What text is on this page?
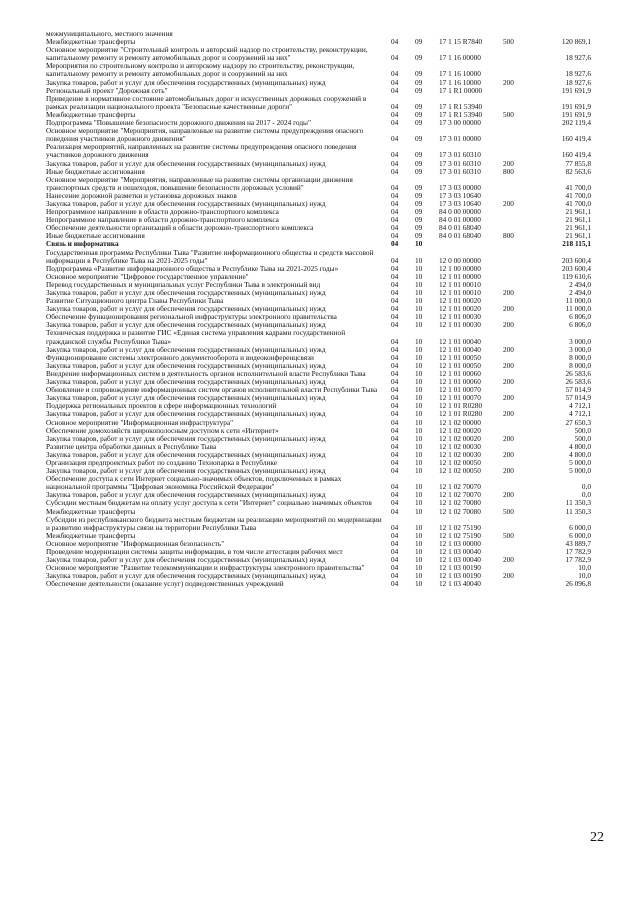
межмуниципального, местного значения					
Межбюджетные трансферты	04	09	17 1 15 R7840	500	120 869,1
Основное мероприятие "Строительный контроль и авторский надзор по строительству, реконструкции, капитальному ремонту и ремонту автомобильных дорог и сооружений на них"	04	09	17 1 16 00000		18 927,6
Мероприятия по строительному контролю и авторскому надзору по строительству, реконструкции, капитальному ремонту и ремонту автомобильных дорог и сооружений на них	04	09	17 1 16 10000		18 927,6
Закупка товаров, работ и услуг для обеспечения государственных (муниципальных) нужд	04	09	17 1 16 10000	200	18 927,6
Региональный проект "Дорожная сеть"	04	09	17 1 R1 00000		191 691,9
Приведение в нормативное состояние автомобильных дорог и искусственных дорожных сооружений в рамках реализации национального проекта "Безопасные качественные дороги"	04	09	17 1 R1 53940		191 691,9
Межбюджетные трансферты	04	09	17 1 R1 53940	500	191 691,9
Подпрограмма "Повышение безопасности дорожного движения на 2017 - 2024 годы"	04	09	17 3 00 00000		202 119,4
Основное мероприятие "Мероприятия, направленные на развитие системы предупреждения опасного поведения участников дорожного движения"	04	09	17 3 01 00000		160 419,4
Реализация мероприятий, направленных на развитие системы предупреждения опасного поведения участников дорожного движения	04	09	17 3 01 60310		160 419,4
Закупка товаров, работ и услуг для обеспечения государственных (муниципальных) нужд	04	09	17 3 01 60310	200	77 855,8
Иные бюджетные ассигнования	04	09	17 3 01 60310	800	82 563,6
Основное мероприятие "Мероприятия, направленные на развитие системы организации движения транспортных средств и пешеходов, повышение безопасности дорожных условий"	04	09	17 3 03 00000		41 700,0
Нанесение дорожной разметки и установка дорожных знаков	04	09	17 3 03 10640		41 700,0
Закупка товаров, работ и услуг для обеспечения государственных (муниципальных) нужд	04	09	17 3 03 10640	200	41 700,0
Непрограммное направление в области дорожно-транспортного комплекса	04	09	84 0 00 00000		21 961,1
Непрограммное направление в области дорожно-транспортного комплекса	04	09	84 0 01 00000		21 961,1
Обеспечение деятельности организаций в области дорожно-транспортного комплекса	04	09	84 0 01 68040		21 961,1
Иные бюджетные ассигнования	04	09	84 0 01 68040	800	21 961,1
Связь и информатика	04	10			218 115,1
Государственная программа Республики Тыва "Развитие информационного общества и средств массовой информации в Республике Тыва на 2021-2025 годы"	04	10	12 0 00 00000		203 600,4
Подпрограмма «Развитие информационного общества в Республике Тыва на 2021-2025 годы»	04	10	12 1 00 00000		203 600,4
Основное мероприятие "Цифровое государственное управление"	04	10	12 1 01 00000		119 610,6
Перевод государственных и муниципальных услуг Республики Тыва в электронный вид	04	10	12 1 01 00010		2 494,0
Закупка товаров, работ и услуг для обеспечения государственных (муниципальных) нужд	04	10	12 1 01 00010	200	2 494,0
Развитие Ситуационного центра Главы Республики Тыва	04	10	12 1 01 00020		11 000,0
Закупка товаров, работ и услуг для обеспечения государственных (муниципальных) нужд	04	10	12 1 01 00020	200	11 000,0
Обеспечение функционирования региональной инфраструктуры электронного правительства	04	10	12 1 01 00030		6 806,0
Закупка товаров, работ и услуг для обеспечения государственных (муниципальных) нужд	04	10	12 1 01 00030	200	6 806,0
Техническая поддержка и развитие ГИС «Единая система управления кадрами государственной гражданской службы Республики Тыва»	04	10	12 1 01 00040		3 000,0
Закупка товаров, работ и услуг для обеспечения государственных (муниципальных) нужд	04	10	12 1 01 00040	200	3 000,0
Функционирование системы электронного документооборота и видеоконференцсвязи	04	10	12 1 01 00050		8 000,0
Закупка товаров, работ и услуг для обеспечения государственных (муниципальных) нужд	04	10	12 1 01 00050	200	8 000,0
Внедрение информационных систем в деятельность органов исполнительной власти Республики Тыва	04	10	12 1 01 00060		26 583,6
Закупка товаров, работ и услуг для обеспечения государственных (муниципальных) нужд	04	10	12 1 01 00060	200	26 583,6
Обновление и сопровождение информационных систем органов исполнительной власти Республики Тыва	04	10	12 1 01 00070		57 014,9
Закупка товаров, работ и услуг для обеспечения государственных (муниципальных) нужд	04	10	12 1 01 00070	200	57 014,9
Поддержка региональных проектов в сфере информационных технологий	04	10	12 1 01 R0280		4 712,1
Закупка товаров, работ и услуг для обеспечения государственных (муниципальных) нужд	04	10	12 1 01 R0280	200	4 712,1
Основное мероприятие "Информационная инфраструктура"	04	10	12 1 02 00000		27 650,3
Обеспечение домохозяйств широкополосным доступом к сети «Интернет»	04	10	12 1 02 00020		500,0
Закупка товаров, работ и услуг для обеспечения государственных (муниципальных) нужд	04	10	12 1 02 00020	200	500,0
Развитие центра обработки данных в Республике Тыва	04	10	12 1 02 00030		4 800,0
Закупка товаров, работ и услуг для обеспечения государственных (муниципальных) нужд	04	10	12 1 02 00030	200	4 800,0
Организация предпроектных работ по созданию Технопарка в Республике	04	10	12 1 02 00050		5 000,0
Закупка товаров, работ и услуг для обеспечения государственных (муниципальных) нужд	04	10	12 1 02 00050	200	5 000,0
Обеспечение доступа к сети Интернет социально-значимых объектов, подключенных в рамках национальной программы "Цифровая экономика Российской Федерации"	04	10	12 1 02 70070		0,0
Закупка товаров, работ и услуг для обеспечения государственных (муниципальных) нужд	04	10	12 1 02 70070	200	0,0
Субсидии местным бюджетам на оплату услуг доступа к сети "Интернет" социально значимых объектов	04	10	12 1 02 70080		11 350,3
Межбюджетные трансферты	04	10	12 1 02 70080	500	11 350,3
Субсидии из республиканского бюджета местным бюджетам на реализацию мероприятий по модернизации и развитию инфраструктуры связи на территории Республики Тыва	04	10	12 1 02 75190		6 000,0
Межбюджетные трансферты	04	10	12 1 02 75190	500	6 000,0
Основное мероприятие "Информационная безопасность"	04	10	12 1 03 00000		43 889,7
Проведение модернизации системы защиты информации, в том числе аттестация рабочих мест	04	10	12 1 03 00040		17 782,9
Закупка товаров, работ и услуг для обеспечения государственных (муниципальных) нужд	04	10	12 1 03 00040	200	17 782,9
Основное мероприятие "Развитие телекоммуникации и инфраструктуры электронного правительства"	04	10	12 1 03 00190		10,0
Закупка товаров, работ и услуг для обеспечения государственных (муниципальных) нужд	04	10	12 1 03 00190	200	10,0
Обеспечение деятельности (оказание услуг) подведомственных учреждений	04	10	12 1 03 40040		26 096,8
22
